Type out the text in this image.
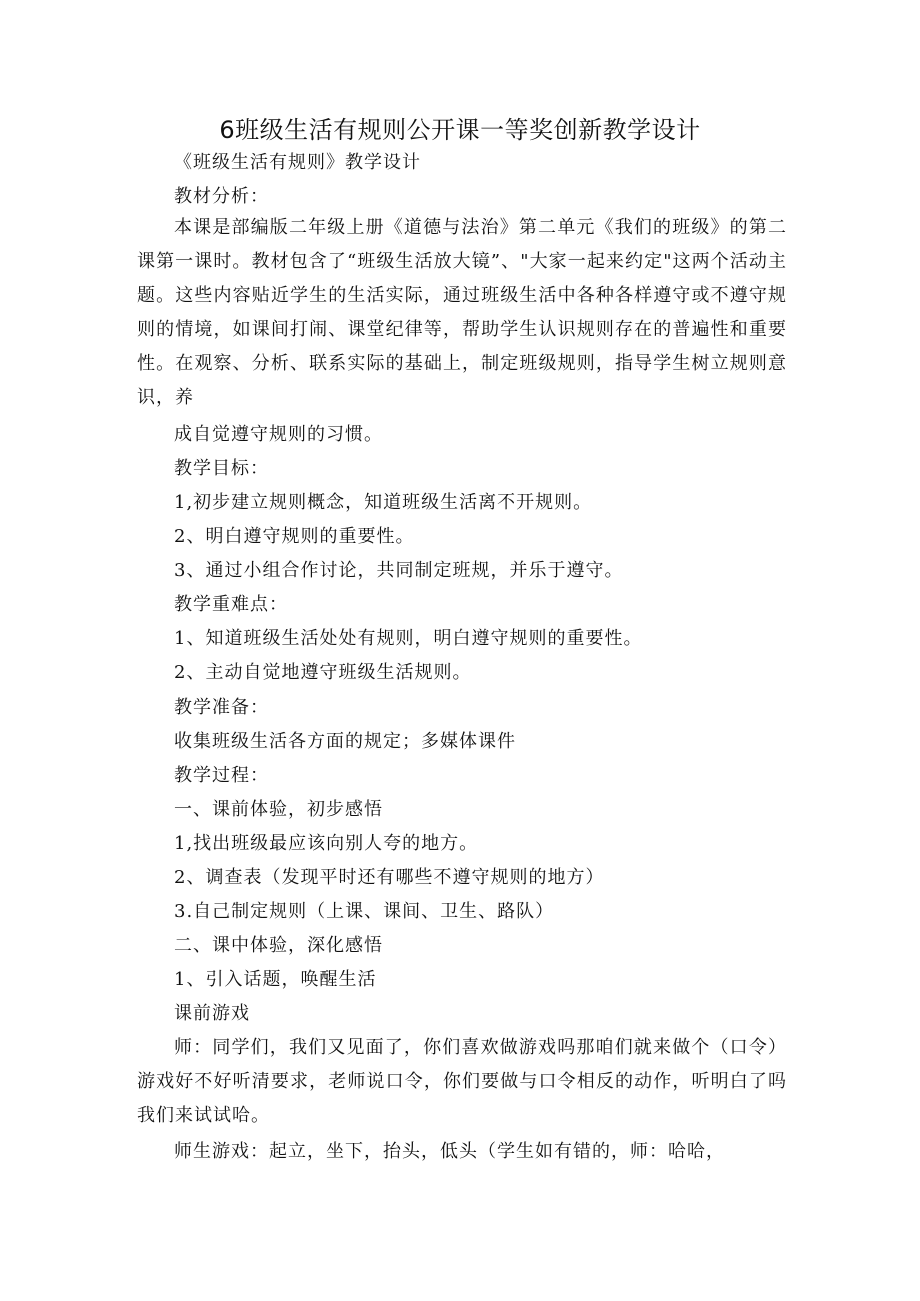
6班级生活有规则公开课一等奖创新教学设计
《班级生活有规则》教学设计
教材分析：
本课是部编版二年级上册《道德与法治》第二单元《我们的班级》的第二课第一课时。教材包含了“班级生活放大镜”、"大家一起来约定"这两个活动主题。这些内容贴近学生的生活实际，通过班级生活中各种各样遵守或不遵守规则的情境，如课间打闹、课堂纪律等，帮助学生认识规则存在的普遍性和重要性。在观察、分析、联系实际的基础上，制定班级规则，指导学生树立规则意识，养
成自觉遵守规则的习惯。
教学目标：
1,初步建立规则概念，知道班级生活离不开规则。
2、明白遵守规则的重要性。
3、通过小组合作讨论，共同制定班规，并乐于遵守。
教学重难点：
1、知道班级生活处处有规则，明白遵守规则的重要性。
2、主动自觉地遵守班级生活规则。
教学准备：
收集班级生活各方面的规定；多媒体课件
教学过程：
一、课前体验，初步感悟
1,找出班级最应该向别人夸的地方。
2、调查表（发现平时还有哪些不遵守规则的地方）
3.自己制定规则（上课、课间、卫生、路队）
二、课中体验，深化感悟
1、引入话题，唤醒生活
课前游戏
师：同学们，我们又见面了，你们喜欢做游戏吗那咱们就来做个（口令）游戏好不好听清要求，老师说口令，你们要做与口令相反的动作，听明白了吗我们来试试哈。
师生游戏：起立，坐下，抬头，低头（学生如有错的，师：哈哈，
